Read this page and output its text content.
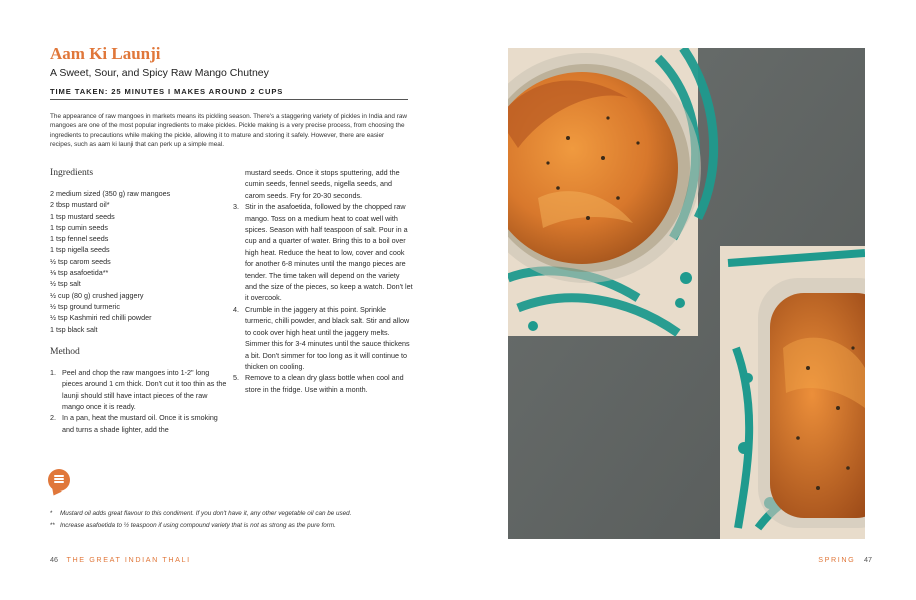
Aam Ki Launji
A Sweet, Sour, and Spicy Raw Mango Chutney
TIME TAKEN: 25 MINUTES I MAKES AROUND 2 CUPS

The appearance of raw mangoes in markets means its pickling season. There's a staggering variety of pickles in India and raw mangoes are one of the most popular ingredients to make pickles. Pickle making is a very precise process, from choosing the ingredients to precautions while making the pickle, allowing it to mature and storing it safely. However, there are easier recipes, such as aam ki launji that can perk up a simple meal.

Ingredients
2 medium sized (350 g) raw mangoes
2 tbsp mustard oil*
1 tsp mustard seeds
1 tsp cumin seeds
1 tsp fennel seeds
1 tsp nigella seeds
½ tsp carom seeds
⅛ tsp asafoetida**
½ tsp salt
½ cup (80 g) crushed jaggery
½ tsp ground turmeric
½ tsp Kashmiri red chilli powder
1 tsp black salt
Method
1. Peel and chop the raw mangoes into 1-2" long pieces around 1 cm thick. Don't cut it too thin as the launji should still have intact pieces of the raw mango once it is ready.
2. In a pan, heat the mustard oil. Once it is smoking and turns a shade lighter, add the
mustard seeds. Once it stops sputtering, add the cumin seeds, fennel seeds, nigella seeds, and carom seeds. Fry for 20-30 seconds.
3. Stir in the asafoetida, followed by the chopped raw mango. Toss on a medium heat to coat well with spices. Season with half teaspoon of salt. Pour in a cup and a quarter of water. Bring this to a boil over high heat. Reduce the heat to low, cover and cook for another 6-8 minutes until the mango pieces are tender. The time taken will depend on the variety and the size of the pieces, so keep a watch. Don't let it overcook.
4. Crumble in the jaggery at this point. Sprinkle turmeric, chilli powder, and black salt. Stir and allow to cook over high heat until the jaggery melts. Simmer this for 3-4 minutes until the sauce thickens a bit. Don't simmer for too long as it will continue to thicken on cooling.
5. Remove to a clean dry glass bottle when cool and store in the fridge. Use within a month.

* Mustard oil adds great flavour to this condiment. If you don't have it, any other vegetable oil can be used.

** Increase asafoetida to ½ teaspoon if using compound variety that is not as strong as the pure form.

46 THE GREAT INDIAN THALI	SPRING 47
